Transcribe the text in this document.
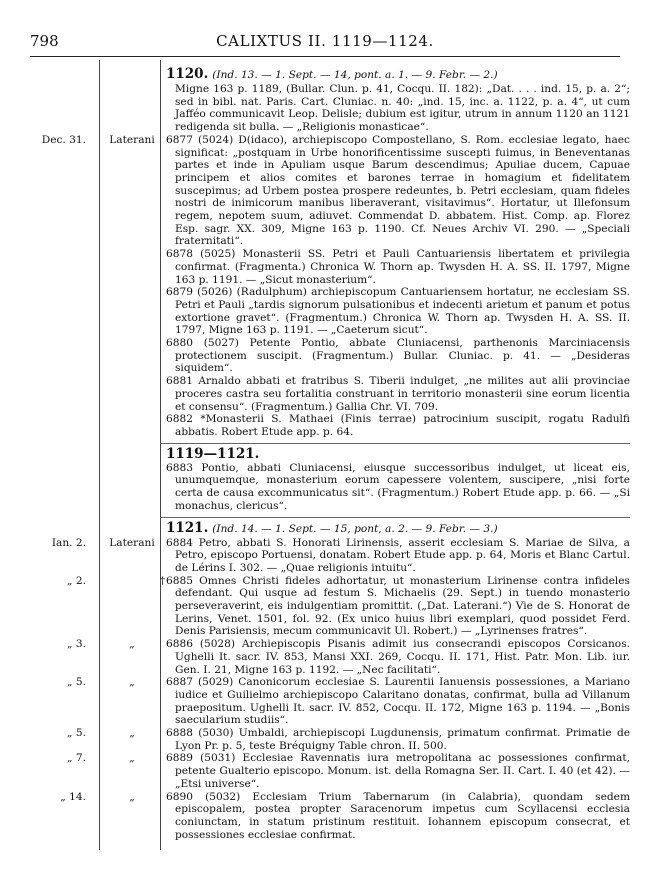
798	CALIXTUS II. 1119—1124.
1120. (Ind. 13. — 1. Sept. — 14, pont. a. 1. — 9. Febr. — 2.)
Migne 163 p. 1189, (Bullar. Clun. p. 41, Cocqu. II. 182): „Dat. . . . ind. 15, p. a. 2“; sed in bibl. nat. Paris. Cart. Cluniac. n. 40: „ind. 15, inc. a. 1122, p. a. 4“, ut cum Jafféo communicavit Leop. Delisle; dubium est igitur, utrum in annum 1120 an 1121 redigenda sit bulla. — „Religionis monasticae“.
Dec. 31.	Laterani	6877 (5024) D(idaco), archiepiscopo Compostellano, S. Rom. ecclesiae legato, haec significat: „postquam in Urbe honorificentissime suscepti fuimus, in Beneventanas partes et inde in Apuliam usque Barum descendimus; Apuliae ducem, Capuae principem et alios comites et barones terrae in homagium et fidelitatem suscepimus; ad Urbem postea prospere redeuntes, b. Petri ecclesiam, quam fideles nostri de inimicorum manibus liberaverant, visitavimus“. Hortatur, ut Illefonsum regem, nepotem suum, adiuvet. Commendat D. abbatem. Hist. Comp. ap. Florez Esp. sagr. XX. 309, Migne 163 p. 1190. Cf. Neues Archiv VI. 290. — „Speciali fraternitati“.
6878 (5025) Monasterii SS. Petri et Pauli Cantuariensis libertatem et privilegia confirmat. (Fragmenta.) Chronica W. Thorn ap. Twysden H. A. SS. II. 1797, Migne 163 p. 1191. — „Sicut monasterium“.
6879 (5026) (Radulphum) archiepiscopum Cantuariensem hortatur, ne ecclesiam SS. Petri et Pauli „tardis signorum pulsationibus et indecenti arietum et panum et potus extortione gravet“. (Fragmentum.) Chronica W. Thorn ap. Twysden H. A. SS. II. 1797, Migne 163 p. 1191. — „Caeterum sicut“.
6880 (5027) Petente Pontio, abbate Cluniacensi, parthenonis Marciniacensis protectionem suscipit. (Fragmentum.) Bullar. Cluniac. p. 41. — „Desideras siquidem“.
6881 Arnaldo abbati et fratribus S. Tiberii indulget, „ne milites aut alii provinciae proceres castra seu fortalitia construant in territorio monasterii sine eorum licentia et consensu“. (Fragmentum.) Gallia Chr. VI. 709.
6882 *Monasterii S. Mathaei (Finis terrae) patrocinium suscipit, rogatu Radulfi abbatis. Robert Etude app. p. 64.
1119—1121.
6883 Pontio, abbati Cluniacensi, eiusque successoribus indulget, ut liceat eis, unumquemque, monasterium eorum capessere volentem, suscipere, „nisi forte certa de causa excommunicatus sit“. (Fragmentum.) Robert Etude app. p. 66. — „Si monachus, clericus“.
1121. (Ind. 14. — 1. Sept. — 15, pont, a. 2. — 9. Febr. — 3.)
Ian. 2.	Laterani	6884 Petro, abbati S. Honorati Lirinensis, asserit ecclesiam S. Mariae de Silva, a Petro, episcopo Portuensi, donatam. Robert Etude app. p. 64, Moris et Blanc Cartul. de Lérins I. 302. — „Quae religionis intuitu“.
„ 2.	† 6885 Omnes Christi fideles adhortatur, ut monasterium Lirinense contra infideles defendant. Qui usque ad festum S. Michaelis (29. Sept.) in tuendo monasterio perseveraverint, eis indulgentiam promittit. („Dat. Laterani.“) Vie de S. Honorat de Lerins, Venet. 1501, fol. 92. (Ex unico huius libri exemplari, quod possidet Ferd. Denis Parisiensis, mecum communicavit Ul. Robert.) — „Lyrinenses fratres“.
„ 3.	„	6886 (5028) Archiepiscopis Pisanis adimit ius consecrandi episcopos Corsicanos. Ughelli It. sacr. IV. 853, Mansi XXI. 269, Cocqu. II. 171, Hist. Patr. Mon. Lib. iur. Gen. I. 21, Migne 163 p. 1192. — „Nec facilitati“.
„ 5.	„	6887 (5029) Canonicorum ecclesiae S. Laurentii Ianuensis possessiones, a Mariano iudice et Guilielmo archiepiscopo Calaritano donatas, confirmat, bulla ad Villanum praepositum. Ughelli It. sacr. IV. 852, Cocqu. II. 172, Migne 163 p. 1194. — „Bonis saecularium studiis“.
„ 5.	„	6888 (5030) Umbaldi, archiepiscopi Lugdunensis, primatum confirmat. Primatie de Lyon Pr. p. 5, teste Bréquigny Table chron. II. 500.
„ 7.	„	6889 (5031) Ecclesiae Ravennatis iura metropolitana ac possessiones confirmat, petente Gualterio episcopo. Monum. ist. della Romagna Ser. II. Cart. I. 40 (et 42). — „Etsi universe“.
„ 14.	„	6890 (5032) Ecclesiam Trium Tabernarum (in Calabria), quondam sedem episcopalem, postea propter Saracenorum impetus cum Scyllacensi ecclesia coniunctam, in statum pristinum restituit. Iohannem episcopum consecrat, et possessiones ecclesiae confirmat.
